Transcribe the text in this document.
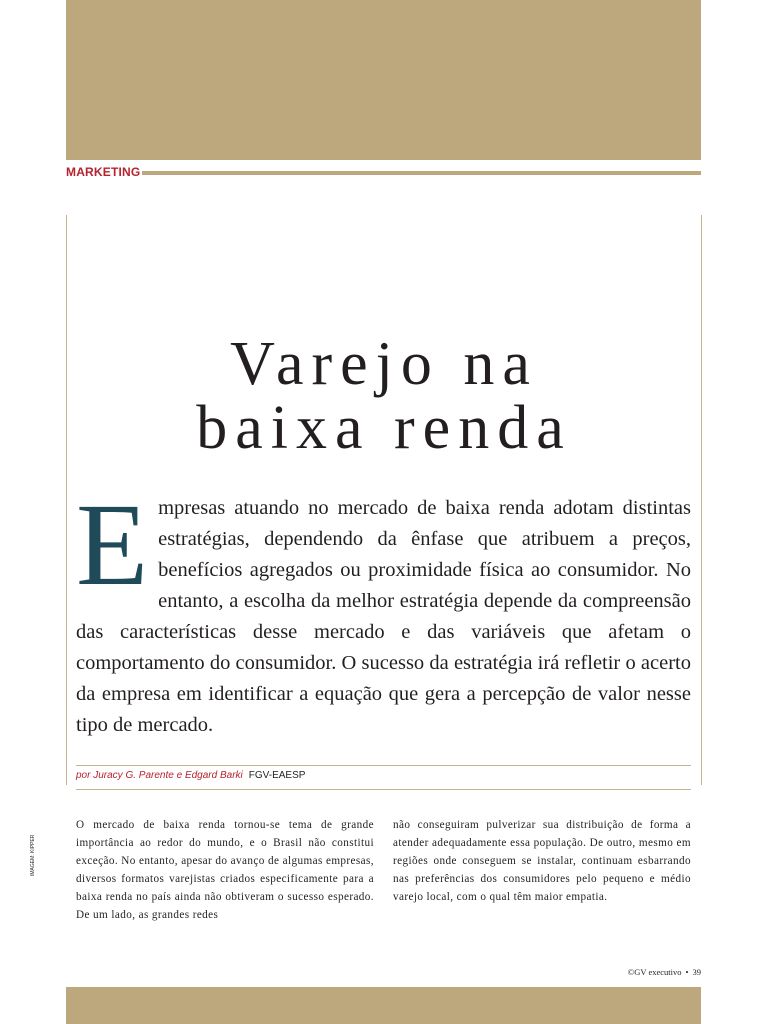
MARKETING
Varejo na
baixa renda

Empresas atuando no mercado de baixa renda adotam distintas estratégias, dependendo da ênfase que atribuem a preços, benefícios agregados ou proximidade física ao consumidor. No entanto, a escolha da melhor estratégia depende da compreensão das características desse mercado e das variáveis que afetam o comportamento do consumidor. O sucesso da estratégia irá refletir o acerto da empresa em identificar a equação que gera a percepção de valor nesse tipo de mercado.

por Juracy G. Parente e Edgard Barki FGV-EAESP

O mercado de baixa renda tornou-se tema de grande importância ao redor do mundo, e o Brasil não constitui exceção. No entanto, apesar do avanço de algumas empresas, diversos formatos varejistas criados especificamente para a baixa renda no país ainda não obtiveram o sucesso esperado. De um lado, as grandes redes

não conseguiram pulverizar sua distribuição de forma a atender adequadamente essa população. De outro, mesmo em regiões onde conseguem se instalar, continuam esbarrando nas preferências dos consumidores pelo pequeno e médio varejo local, com o qual têm maior empatia.

IMAGEM: KIPPER
©GV executivo • 39
